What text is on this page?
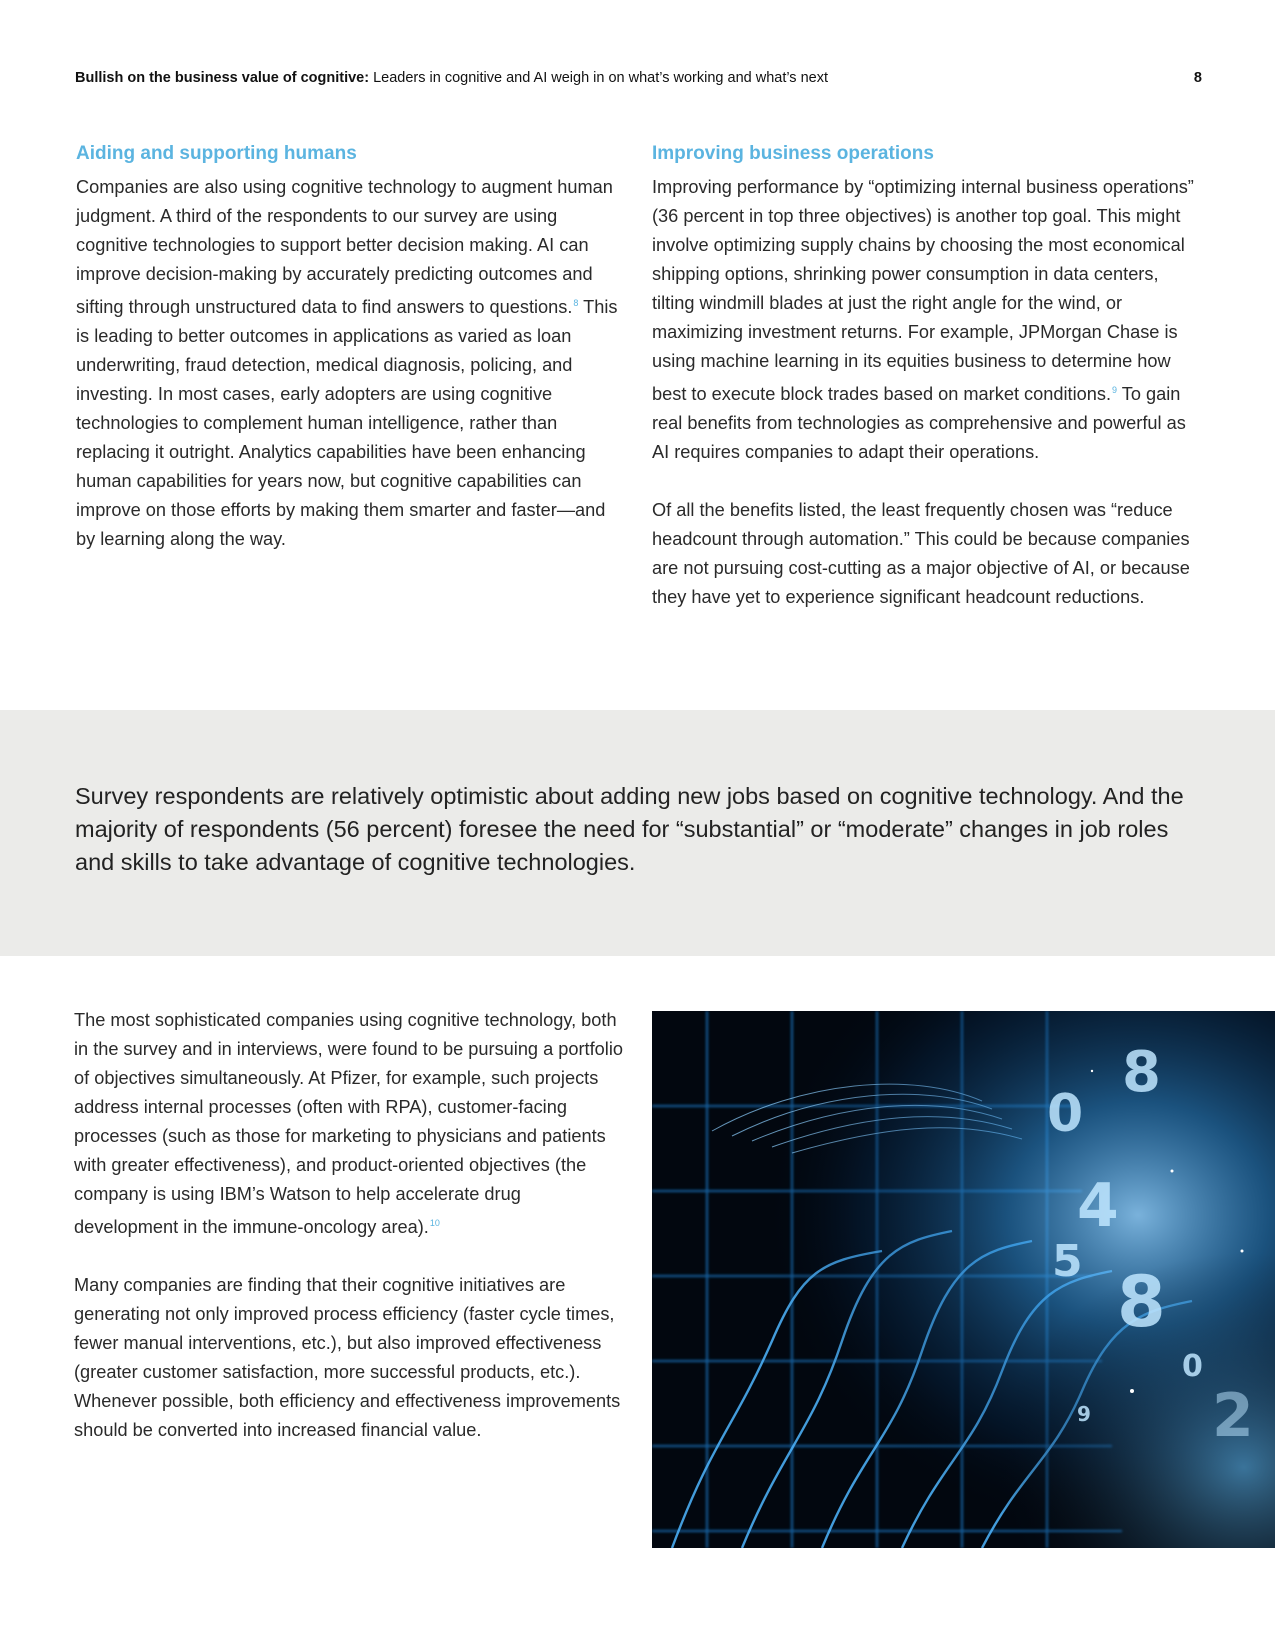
Bullish on the business value of cognitive: Leaders in cognitive and AI weigh in on what’s working and what’s next	8
Aiding and supporting humans

Companies are also using cognitive technology to augment human judgment. A third of the respondents to our survey are using cognitive technologies to support better decision making. AI can improve decision-making by accurately predicting outcomes and sifting through unstructured data to find answers to questions.$^8$ This is leading to better outcomes in applications as varied as loan underwriting, fraud detection, medical diagnosis, policing, and investing. In most cases, early adopters are using cognitive technologies to complement human intelligence, rather than replacing it outright. Analytics capabilities have been enhancing human capabilities for years now, but cognitive capabilities can improve on those efforts by making them smarter and faster—and by learning along the way.

Improving business operations

Improving performance by “optimizing internal business operations” (36 percent in top three objectives) is another top goal. This might involve optimizing supply chains by choosing the most economical shipping options, shrinking power consumption in data centers, tilting windmill blades at just the right angle for the wind, or maximizing investment returns. For example, JPMorgan Chase is using machine learning in its equities business to determine how best to execute block trades based on market conditions.$^9$ To gain real benefits from technologies as comprehensive and powerful as AI requires companies to adapt their operations.

Of all the benefits listed, the least frequently chosen was “reduce headcount through automation.” This could be because companies are not pursuing cost-cutting as a major objective of AI, or because they have yet to experience significant headcount reductions.

Survey respondents are relatively optimistic about adding new jobs based on cognitive technology. And the majority of respondents (56 percent) foresee the need for “substantial” or “moderate” changes in job roles and skills to take advantage of cognitive technologies.

The most sophisticated companies using cognitive technology, both in the survey and in interviews, were found to be pursuing a portfolio of objectives simultaneously. At Pfizer, for example, such projects address internal processes (often with RPA), customer-facing processes (such as those for marketing to physicians and patients with greater effectiveness), and product-oriented objectives (the company is using IBM’s Watson to help accelerate drug development in the immune-oncology area).$^{10}$

Many companies are finding that their cognitive initiatives are generating not only improved process efficiency (faster cycle times, fewer manual interventions, etc.), but also improved effectiveness (greater customer satisfaction, more successful products, etc.). Whenever possible, both efficiency and effectiveness improvements should be converted into increased financial value.

8
0
4
5 8
0
9 2
